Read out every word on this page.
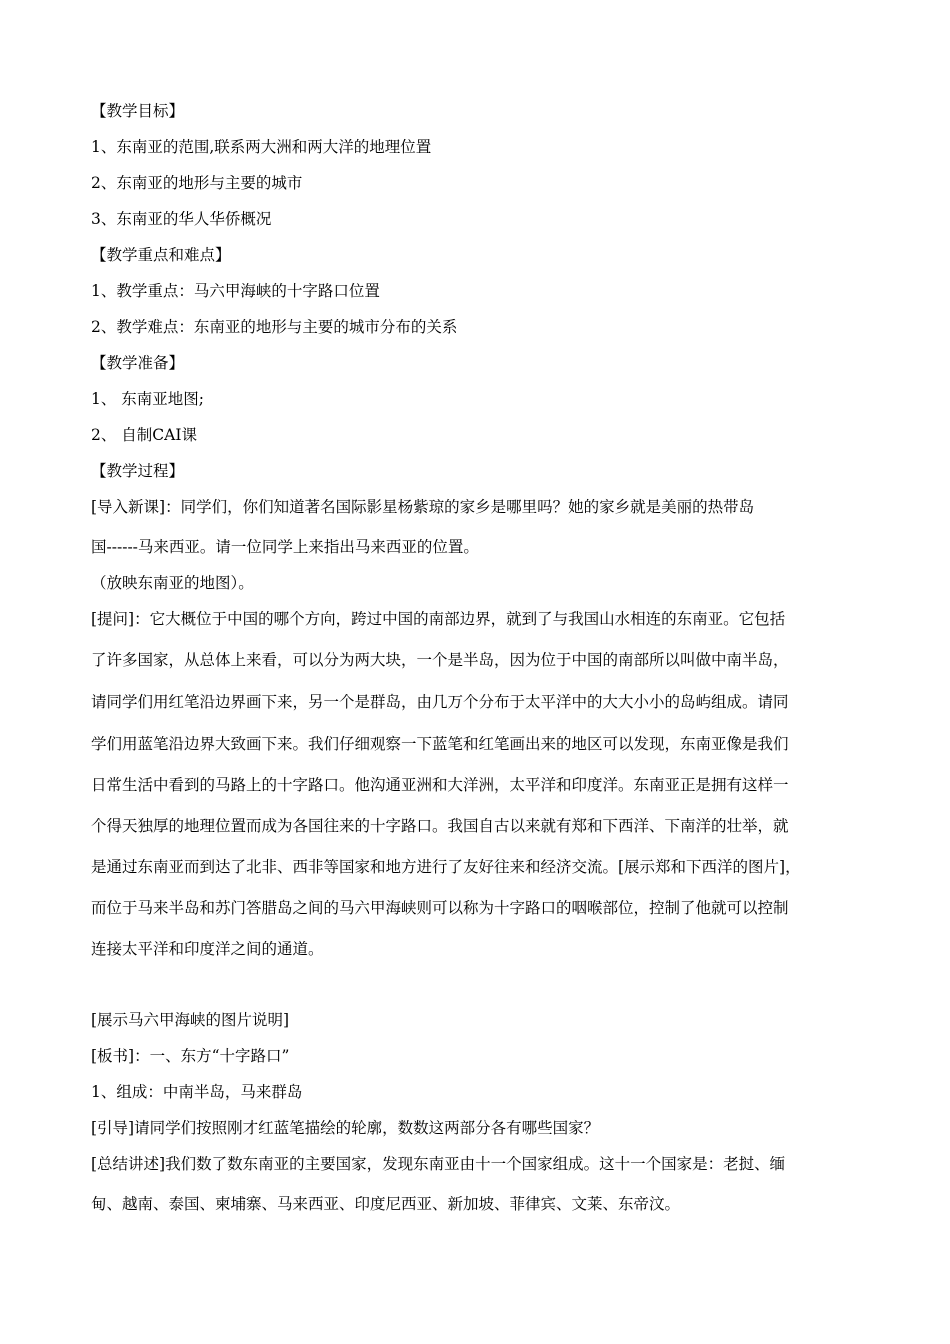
【教学目标】
1、东南亚的范围,联系两大洲和两大洋的地理位置
2、东南亚的地形与主要的城市
3、东南亚的华人华侨概况
【教学重点和难点】
1、教学重点：马六甲海峡的十字路口位置
2、教学难点：东南亚的地形与主要的城市分布的关系
【教学准备】
1、 东南亚地图;
2、 自制CAI课
【教学过程】
[导入新课]：同学们，你们知道著名国际影星杨紫琼的家乡是哪里吗？她的家乡就是美丽的热带岛
国------马来西亚。请一位同学上来指出马来西亚的位置。
（放映东南亚的地图）。
[提问]：它大概位于中国的哪个方向，跨过中国的南部边界，就到了与我国山水相连的东南亚。它包括
了许多国家，从总体上来看，可以分为两大块，一个是半岛，因为位于中国的南部所以叫做中南半岛，
请同学们用红笔沿边界画下来，另一个是群岛，由几万个分布于太平洋中的大大小小的岛屿组成。请同
学们用蓝笔沿边界大致画下来。我们仔细观察一下蓝笔和红笔画出来的地区可以发现，东南亚像是我们
日常生活中看到的马路上的十字路口。他沟通亚洲和大洋洲，太平洋和印度洋。东南亚正是拥有这样一
个得天独厚的地理位置而成为各国往来的十字路口。我国自古以来就有郑和下西洋、下南洋的壮举，就
是通过东南亚而到达了北非、西非等国家和地方进行了友好往来和经济交流。[展示郑和下西洋的图片]，
而位于马来半岛和苏门答腊岛之间的马六甲海峡则可以称为十字路口的咽喉部位，控制了他就可以控制
连接太平洋和印度洋之间的通道。
[展示马六甲海峡的图片说明]
[板书]：一、东方“十字路口”
1、组成：中南半岛，马来群岛
[引导]请同学们按照刚才红蓝笔描绘的轮廓，数数这两部分各有哪些国家？
[总结讲述]我们数了数东南亚的主要国家，发现东南亚由十一个国家组成。这十一个国家是：老挝、缅
甸、越南、泰国、柬埔寨、马来西亚、印度尼西亚、新加坡、菲律宾、文莱、东帝汶。
